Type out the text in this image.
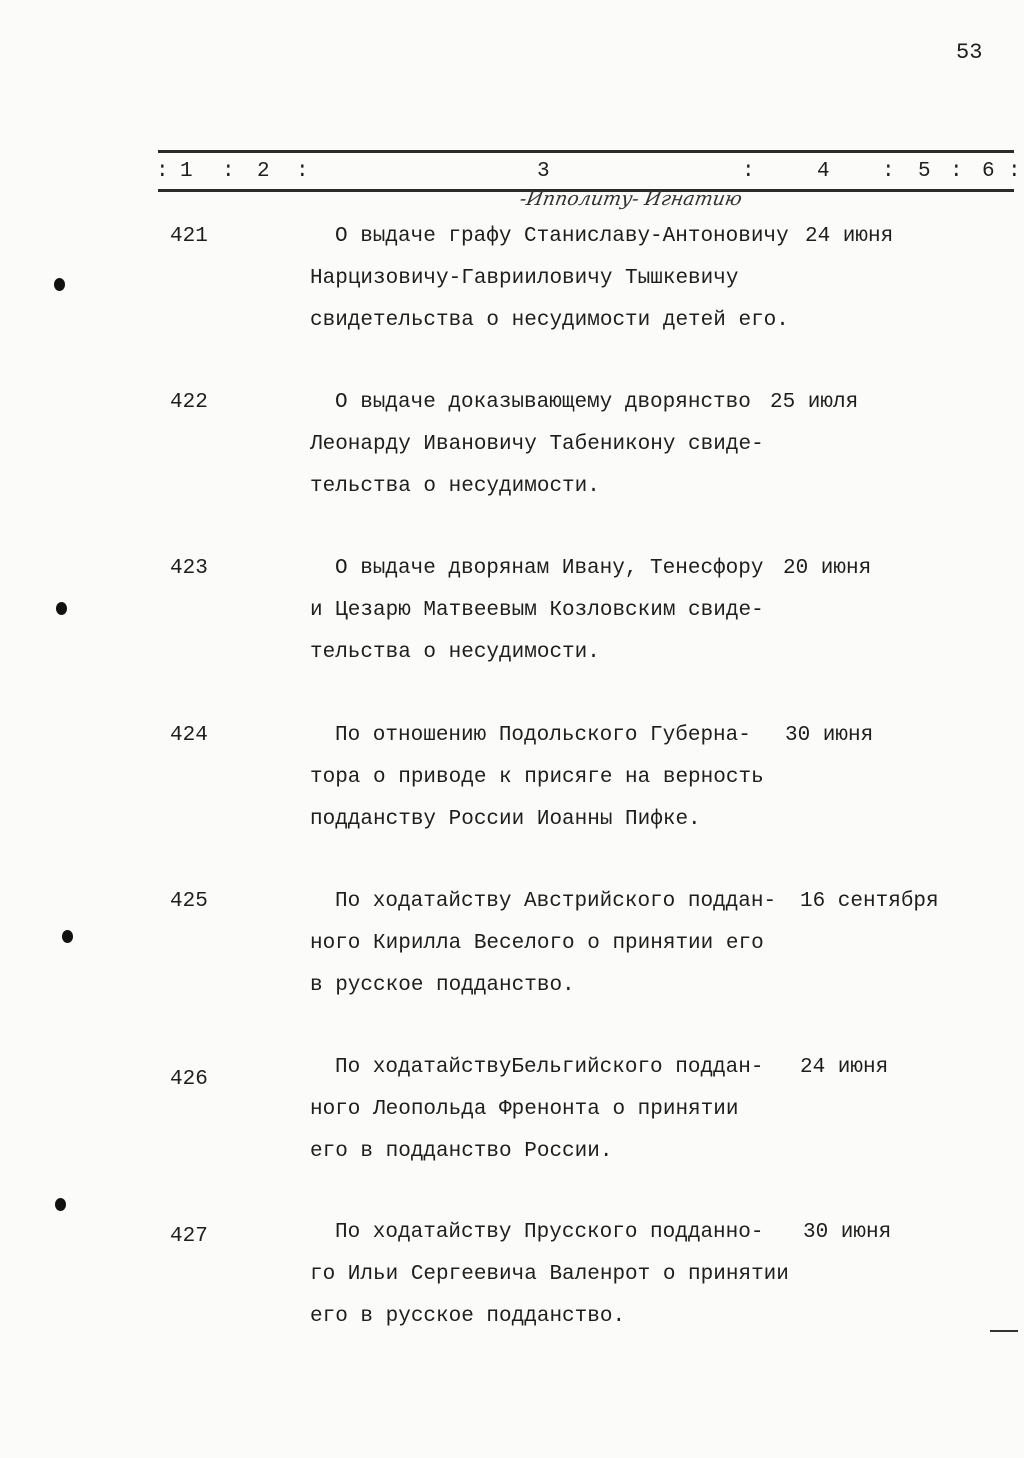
53
: 1 : 2 :	3	:	4 : 5 : 6 :
-Ипполиту- Игнатию
421	О выдаче графу Станиславу-Антоновичу
Нарцизовичу-Гавриилoвичу Тышкевичу
свидетельства о несудимости детей его.
24 июня
422	О выдаче доказывающему дворянство
Леонарду Ивановичу Табеникону свиде-
тельства о несудимости.
25 июля
423	О выдаче дворянам Ивану, Тенесфору
и Цезарю Матвеевым Козловским свиде-
тельства о несудимости.
20 июня
424	По отношению Подольского Губерна-
тора о приводе к присяге на верность
подданству России Иоанны Пифке.
30 июня
425	По ходатайству Австрийского поддан-
ного Кирилла Веселого о принятии его
в русское подданство.
16 сентября
426
По ходатайствуБельгийского поддан-
ного Леопольда Френонта о принятии
его в подданство России.
24 июня
427	По ходатайству Прусского подданно-
го Ильи Сергеевича Валенрот о принятии
его в русское подданство.
30 июня
